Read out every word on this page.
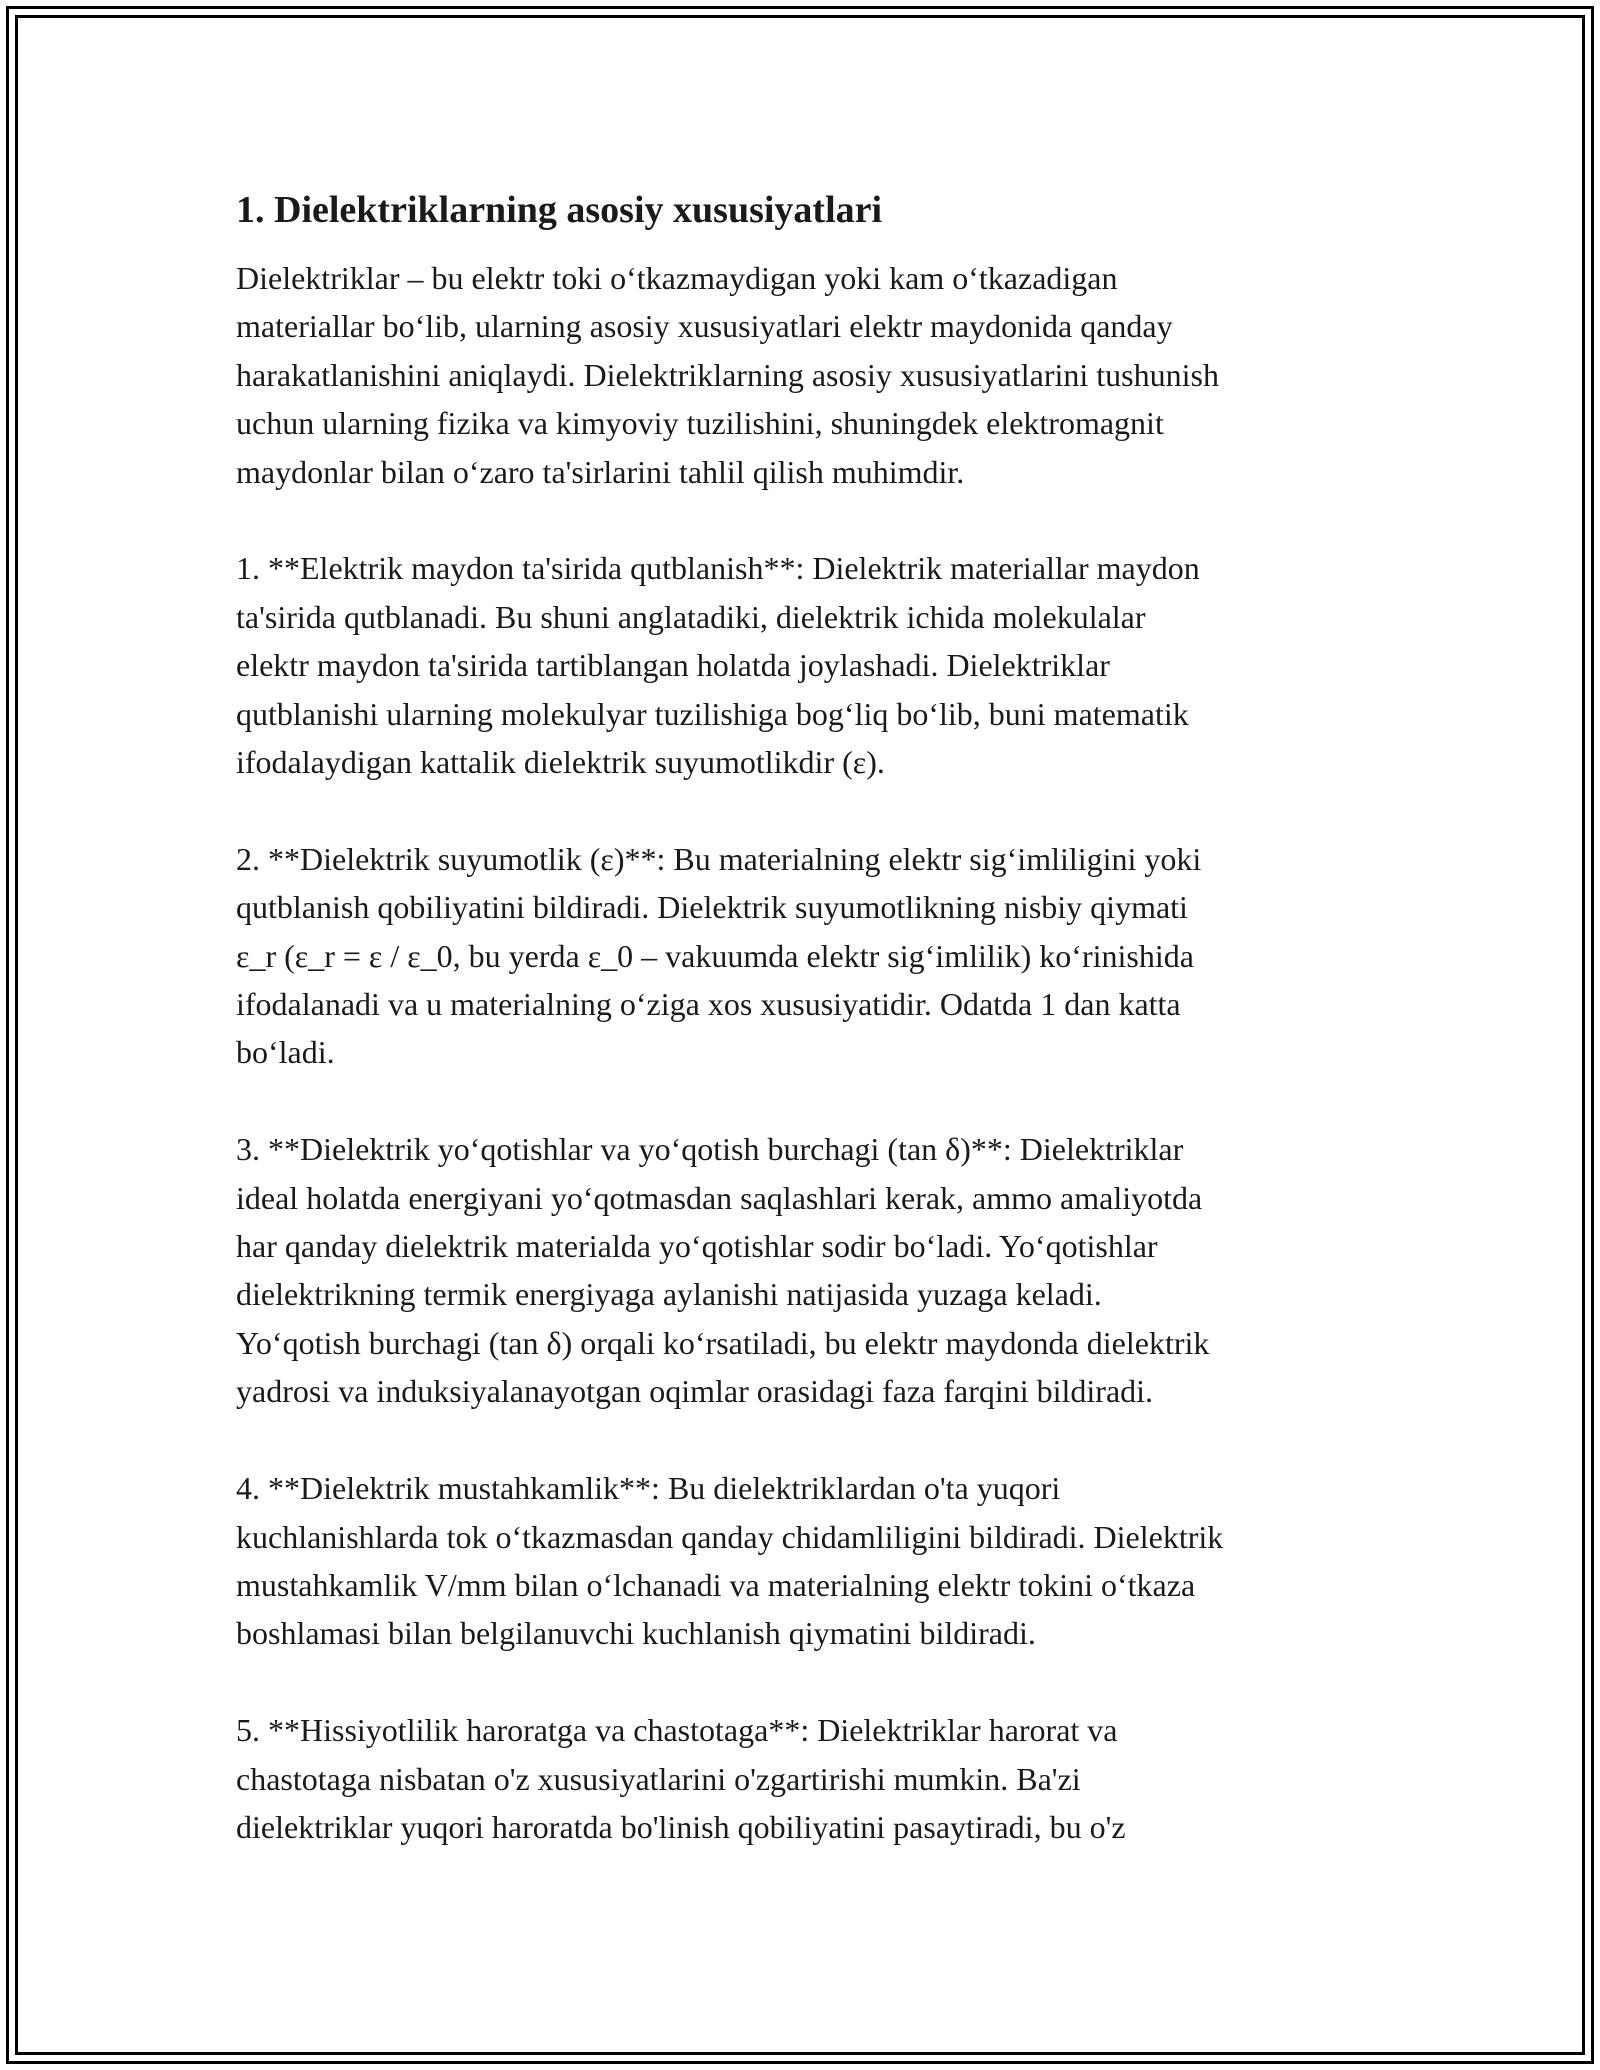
1. Dielektriklarning asosiy xususiyatlari

Dielektriklar – bu elektr toki o‘tkazmaydigan yoki kam o‘tkazadigan
materiallar bo‘lib, ularning asosiy xususiyatlari elektr maydonida qanday
harakatlanishini aniqlaydi. Dielektriklarning asosiy xususiyatlarini tushunish
uchun ularning fizika va kimyoviy tuzilishini, shuningdek elektromagnit
maydonlar bilan o‘zaro ta'sirlarini tahlil qilish muhimdir.

1. **Elektrik maydon ta'sirida qutblanish**: Dielektrik materiallar maydon
ta'sirida qutblanadi. Bu shuni anglatadiki, dielektrik ichida molekulalar
elektr maydon ta'sirida tartiblangan holatda joylashadi. Dielektriklar
qutblanishi ularning molekulyar tuzilishiga bog‘liq bo‘lib, buni matematik
ifodalaydigan kattalik dielektrik suyumotlikdir (ε).

2. **Dielektrik suyumotlik (ε)**: Bu materialning elektr sig‘imliligini yoki
qutblanish qobiliyatini bildiradi. Dielektrik suyumotlikning nisbiy qiymati
ε_r (ε_r = ε / ε_0, bu yerda ε_0 – vakuumda elektr sig‘imlilik) ko‘rinishida
ifodalanadi va u materialning o‘ziga xos xususiyatidir. Odatda 1 dan katta
bo‘ladi.

3. **Dielektrik yo‘qotishlar va yo‘qotish burchagi (tan δ)**: Dielektriklar
ideal holatda energiyani yo‘qotmasdan saqlashlari kerak, ammo amaliyotda
har qanday dielektrik materialda yo‘qotishlar sodir bo‘ladi. Yo‘qotishlar
dielektrikning termik energiyaga aylanishi natijasida yuzaga keladi.
Yo‘qotish burchagi (tan δ) orqali ko‘rsatiladi, bu elektr maydonda dielektrik
yadrosi va induksiyalanayotgan oqimlar orasidagi faza farqini bildiradi.

4. **Dielektrik mustahkamlik**: Bu dielektriklardan o'ta yuqori
kuchlanishlarda tok o‘tkazmasdan qanday chidamliligini bildiradi. Dielektrik
mustahkamlik V/mm bilan o‘lchanadi va materialning elektr tokini o‘tkaza
boshlamasi bilan belgilanuvchi kuchlanish qiymatini bildiradi.

5. **Hissiyotlilik haroratga va chastotaga**: Dielektriklar harorat va
chastotaga nisbatan o'z xususiyatlarini o'zgartirishi mumkin. Ba'zi
dielektriklar yuqori haroratda bo'linish qobiliyatini pasaytiradi, bu o'z
